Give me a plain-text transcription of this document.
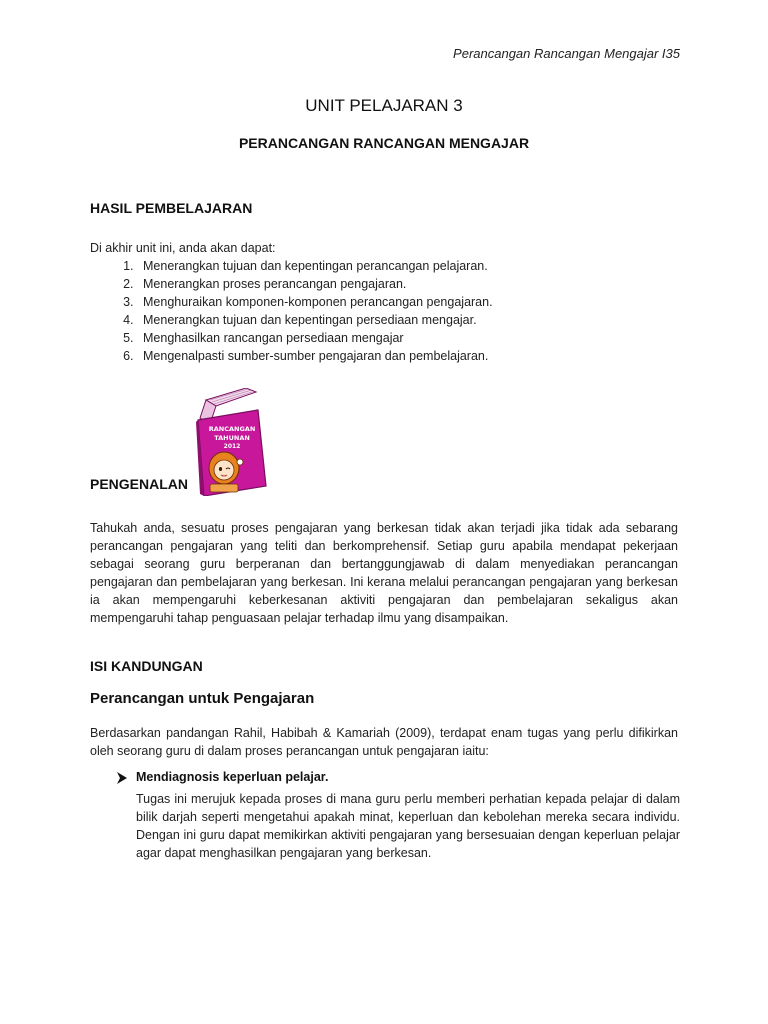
Perancangan Rancangan Mengajar I35
UNIT PELAJARAN 3
PERANCANGAN RANCANGAN MENGAJAR
HASIL PEMBELAJARAN

Di akhir unit ini, anda akan dapat:

1. Menerangkan tujuan dan kepentingan perancangan pelajaran.
2. Menerangkan proses perancangan pengajaran.
3. Menghuraikan komponen-komponen perancangan pengajaran.
4. Menerangkan tujuan dan kepentingan persediaan mengajar.
5. Menghasilkan rancangan persediaan mengajar
6. Mengenalpasti sumber-sumber pengajaran dan pembelajaran.
RANCANGAN
TAHUNAN
2012
PENGENALAN

Tahukah anda, sesuatu proses pengajaran yang berkesan tidak akan terjadi jika tidak ada sebarang perancangan pengajaran yang teliti dan berkomprehensif. Setiap guru apabila mendapat pekerjaan sebagai seorang guru berperanan dan bertanggungjawab di dalam menyediakan perancangan pengajaran dan pembelajaran yang berkesan. Ini kerana melalui perancangan pengajaran yang berkesan ia akan mempengaruhi keberkesanan aktiviti pengajaran dan pembelajaran sekaligus akan mempengaruhi tahap penguasaan pelajar terhadap ilmu yang disampaikan.

ISI KANDUNGAN
Perancangan untuk Pengajaran

Berdasarkan pandangan Rahil, Habibah & Kamariah (2009), terdapat enam tugas yang perlu difikirkan oleh seorang guru di dalam proses perancangan untuk pengajaran iaitu:

Mendiagnosis keperluan pelajar.

Tugas ini merujuk kepada proses di mana guru perlu memberi perhatian kepada pelajar di dalam bilik darjah seperti mengetahui apakah minat, keperluan dan kebolehan mereka secara individu. Dengan ini guru dapat memikirkan aktiviti pengajaran yang bersesuaian dengan keperluan pelajar agar dapat menghasilkan pengajaran yang berkesan.
